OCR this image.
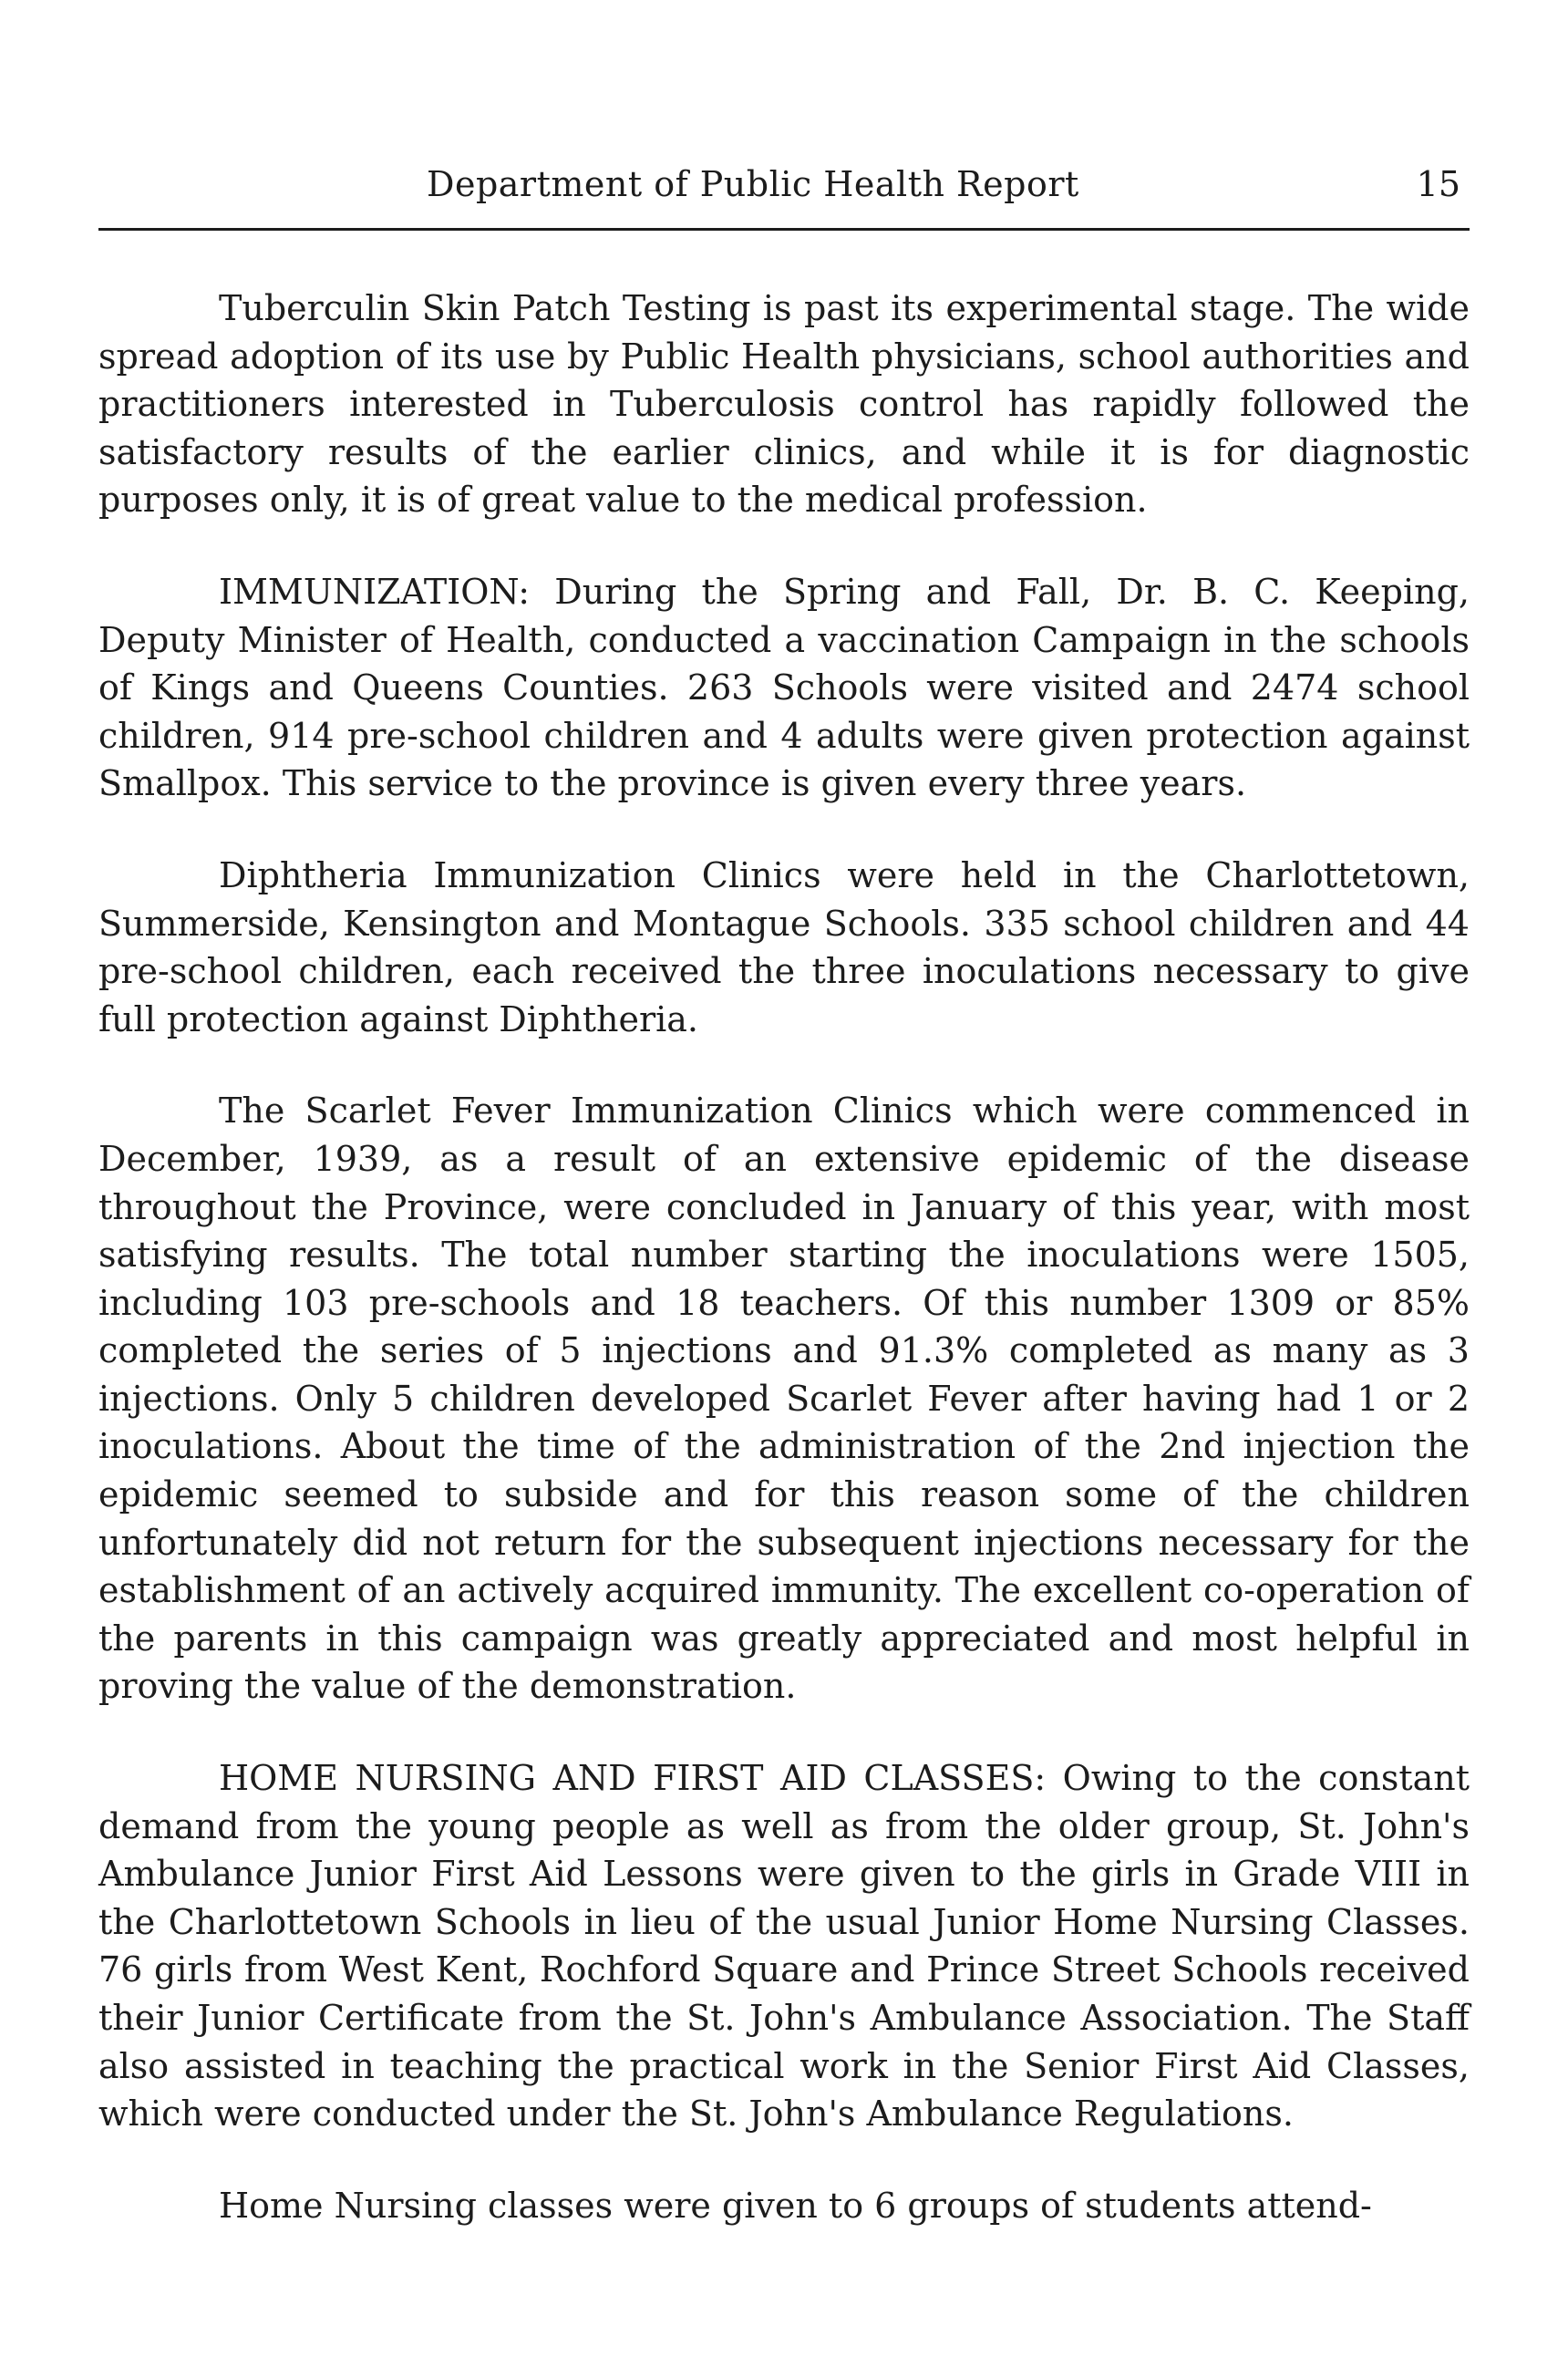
Department of Public Health Report	15

Tuberculin Skin Patch Testing is past its experimental stage. The wide spread adoption of its use by Public Health physicians, school authorities and practitioners interested in Tuberculosis control has rapidly followed the satisfactory results of the earlier clinics, and while it is for diagnostic purposes only, it is of great value to the medical profession.

IMMUNIZATION: During the Spring and Fall, Dr. B. C. Keeping, Deputy Minister of Health, conducted a vaccination Campaign in the schools of Kings and Queens Counties. 263 Schools were visited and 2474 school children, 914 pre-school children and 4 adults were given protection against Smallpox. This service to the province is given every three years.

Diphtheria Immunization Clinics were held in the Charlottetown, Summerside, Kensington and Montague Schools. 335 school children and 44 pre-school children, each received the three inoculations necessary to give full protection against Diphtheria.

The Scarlet Fever Immunization Clinics which were commenced in December, 1939, as a result of an extensive epidemic of the disease throughout the Province, were concluded in January of this year, with most satisfying results. The total number starting the inoculations were 1505, including 103 pre-schools and 18 teachers. Of this number 1309 or 85% completed the series of 5 injections and 91.3% completed as many as 3 injections. Only 5 children developed Scarlet Fever after having had 1 or 2 inoculations. About the time of the administration of the 2nd injection the epidemic seemed to subside and for this reason some of the children unfortunately did not return for the subsequent injections necessary for the establishment of an actively acquired immunity. The excellent co-operation of the parents in this campaign was greatly appreciated and most helpful in proving the value of the demonstration.

HOME NURSING AND FIRST AID CLASSES: Owing to the constant demand from the young people as well as from the older group, St. John's Ambulance Junior First Aid Lessons were given to the girls in Grade VIII in the Charlottetown Schools in lieu of the usual Junior Home Nursing Classes. 76 girls from West Kent, Rochford Square and Prince Street Schools received their Junior Certificate from the St. John's Ambulance Association. The Staff also assisted in teaching the practical work in the Senior First Aid Classes, which were conducted under the St. John's Ambulance Regulations.

Home Nursing classes were given to 6 groups of students attend-
